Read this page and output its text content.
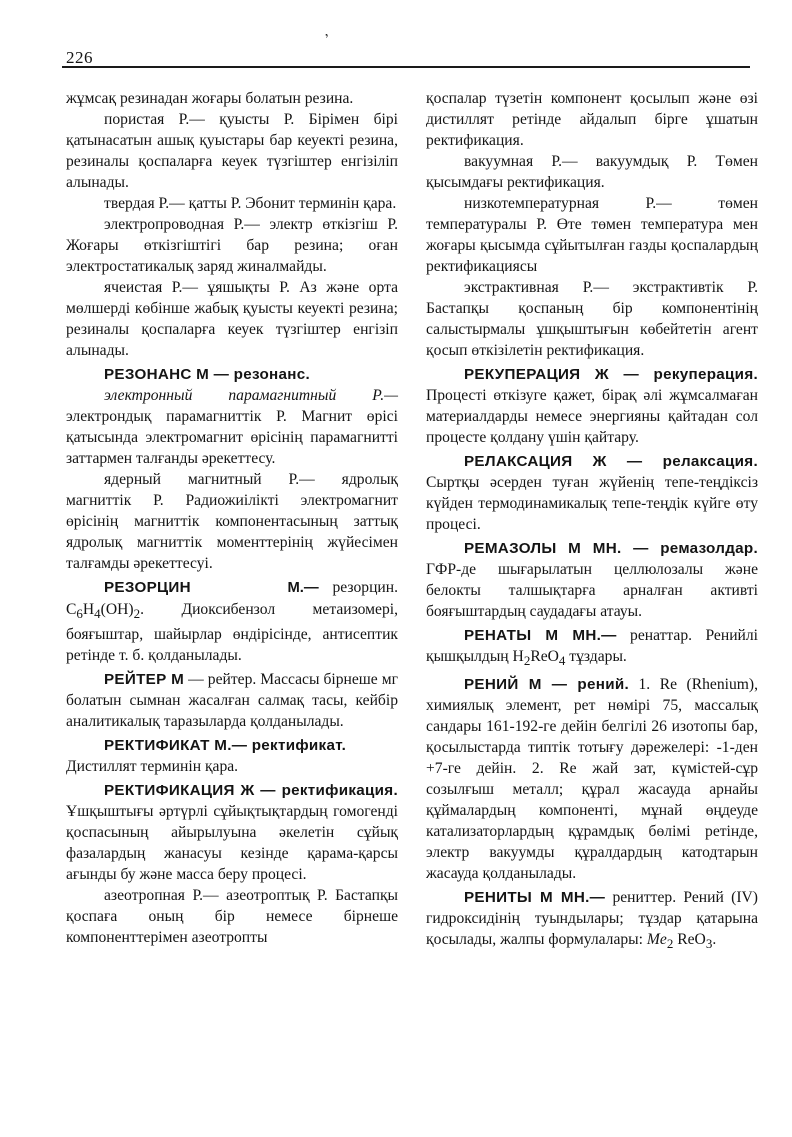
226
ʼ

жұмсақ резинадан жоғары болатын резина.

пористая Р.— қуысты Р. Бірімен бірі қатынасатын ашық қуыстары бар кеуекті резина, резиналы қоспаларға кеуек түзгіштер енгізіліп алынады.

твердая Р.— қатты Р. Эбонит терминін қара.

электропроводная Р.— электр өткізгіш Р. Жоғары өткізгіштігі бар резина; оған электростатикалық заряд жиналмайды.

ячеистая Р.— ұяшықты Р. Аз және орта мөлшерді көбінше жабық қуысты кеуекті резина; резиналы қоспаларға кеуек түзгіштер енгізіп алынады.

РЕЗОНАНС М — резонанс.

электронный парамагнитный Р.— электрондық парамагниттік Р. Магнит өрісі қатысында электромагнит өрісінің парамагнитті заттармен талғанды әрекеттесу.

ядерный магнитный Р.— ядролық магниттік Р. Радиожиілікті электромагнит өрісінің магниттік компонентасының заттық ядролық магниттік моменттерінің жүйесімен талғамды әрекеттесуі.

РЕЗОРЦИН	М.— резорцин. $C_6H_4(OH)_2$. Диоксибензол метаизомері, бояғыштар, шайырлар өндірісінде, антисептик ретінде т. б. қолданылады.

РЕЙТЕР М — рейтер. Массасы бірнеше мг болатын сымнан жасалған салмақ тасы, кейбір аналитикалық таразыларда қолданылады.

РЕКТИФИКАТ М.— ректификат.

Дистиллят терминін қара.

РЕКТИФИКАЦИЯ Ж — ректификация. Ұшқыштығы әртүрлі сұйықтықтардың гомогенді қоспасының айырылуына әкелетін сұйық фазалардың жанасуы кезінде қарама-қарсы ағынды бу және масса беру процесі.

азеотропная Р.— азеотроптық Р. Бастапқы қоспаға оның бір немесе бірнеше компоненттерімен азеотропты

қоспалар түзетін компонент қосылып және өзі дистиллят ретінде айдалып бірге ұшатын ректификация.

вакуумная Р.— вакуумдық Р. Төмен қысымдағы ректификация.

низкотемпературная Р.— төмен температуралы Р. Өте төмен температура мен жоғары қысымда сұйытылған газды қоспалардың ректификациясы

экстрактивная Р.— экстрактивтік Р. Бастапқы қоспаның бір компонентінің салыстырмалы ұшқыштығын көбейтетін агент қосып өткізілетін ректификация.

РЕКУПЕРАЦИЯ Ж — рекуперация. Процесті өткізуге қажет, бірақ әлі жұмсалмаған материалдарды немесе энергияны қайтадан сол процесте қолдану үшін қайтару.

РЕЛАКСАЦИЯ Ж — релаксация. Сыртқы әсерден туған жүйенің тепе-теңдіксіз күйден термодинамикалық тепе-теңдік күйге өту процесі.

РЕМАЗОЛЫ М МН. — ремазолдар. ГФР-де шығарылатын целлюлозалы және белокты талшықтарға арналған активті бояғыштардың саудадағы атауы.

РЕНАТЫ М МН.— ренаттар. Ренийлі қышқылдың $H_2ReO_4$ тұздары.

РЕНИЙ М — рений. 1. Re (Rhenium), химиялық элемент, рет нөмірі 75, массалық сандары 161-192-ге дейін белгілі 26 изотопы бар, қосылыстарда типтік тотығу дәрежелері: -1-ден +7-ге дейін. 2. Re жай зат, күмістей-сұр созылғыш металл; құрал жасауда арнайы құймалардың компоненті, мұнай өңдеуде катализаторлардың құрамдық бөлімі ретінде, электр вакуумды құралдардың катодтарын жасауда қолданылады.

РЕНИТЫ М МН.— рениттер. Рений (IV) гидроксидінің туындылары; тұздар қатарына қосылады, жалпы формулалары: $Me_2$ ReO$_3$.
